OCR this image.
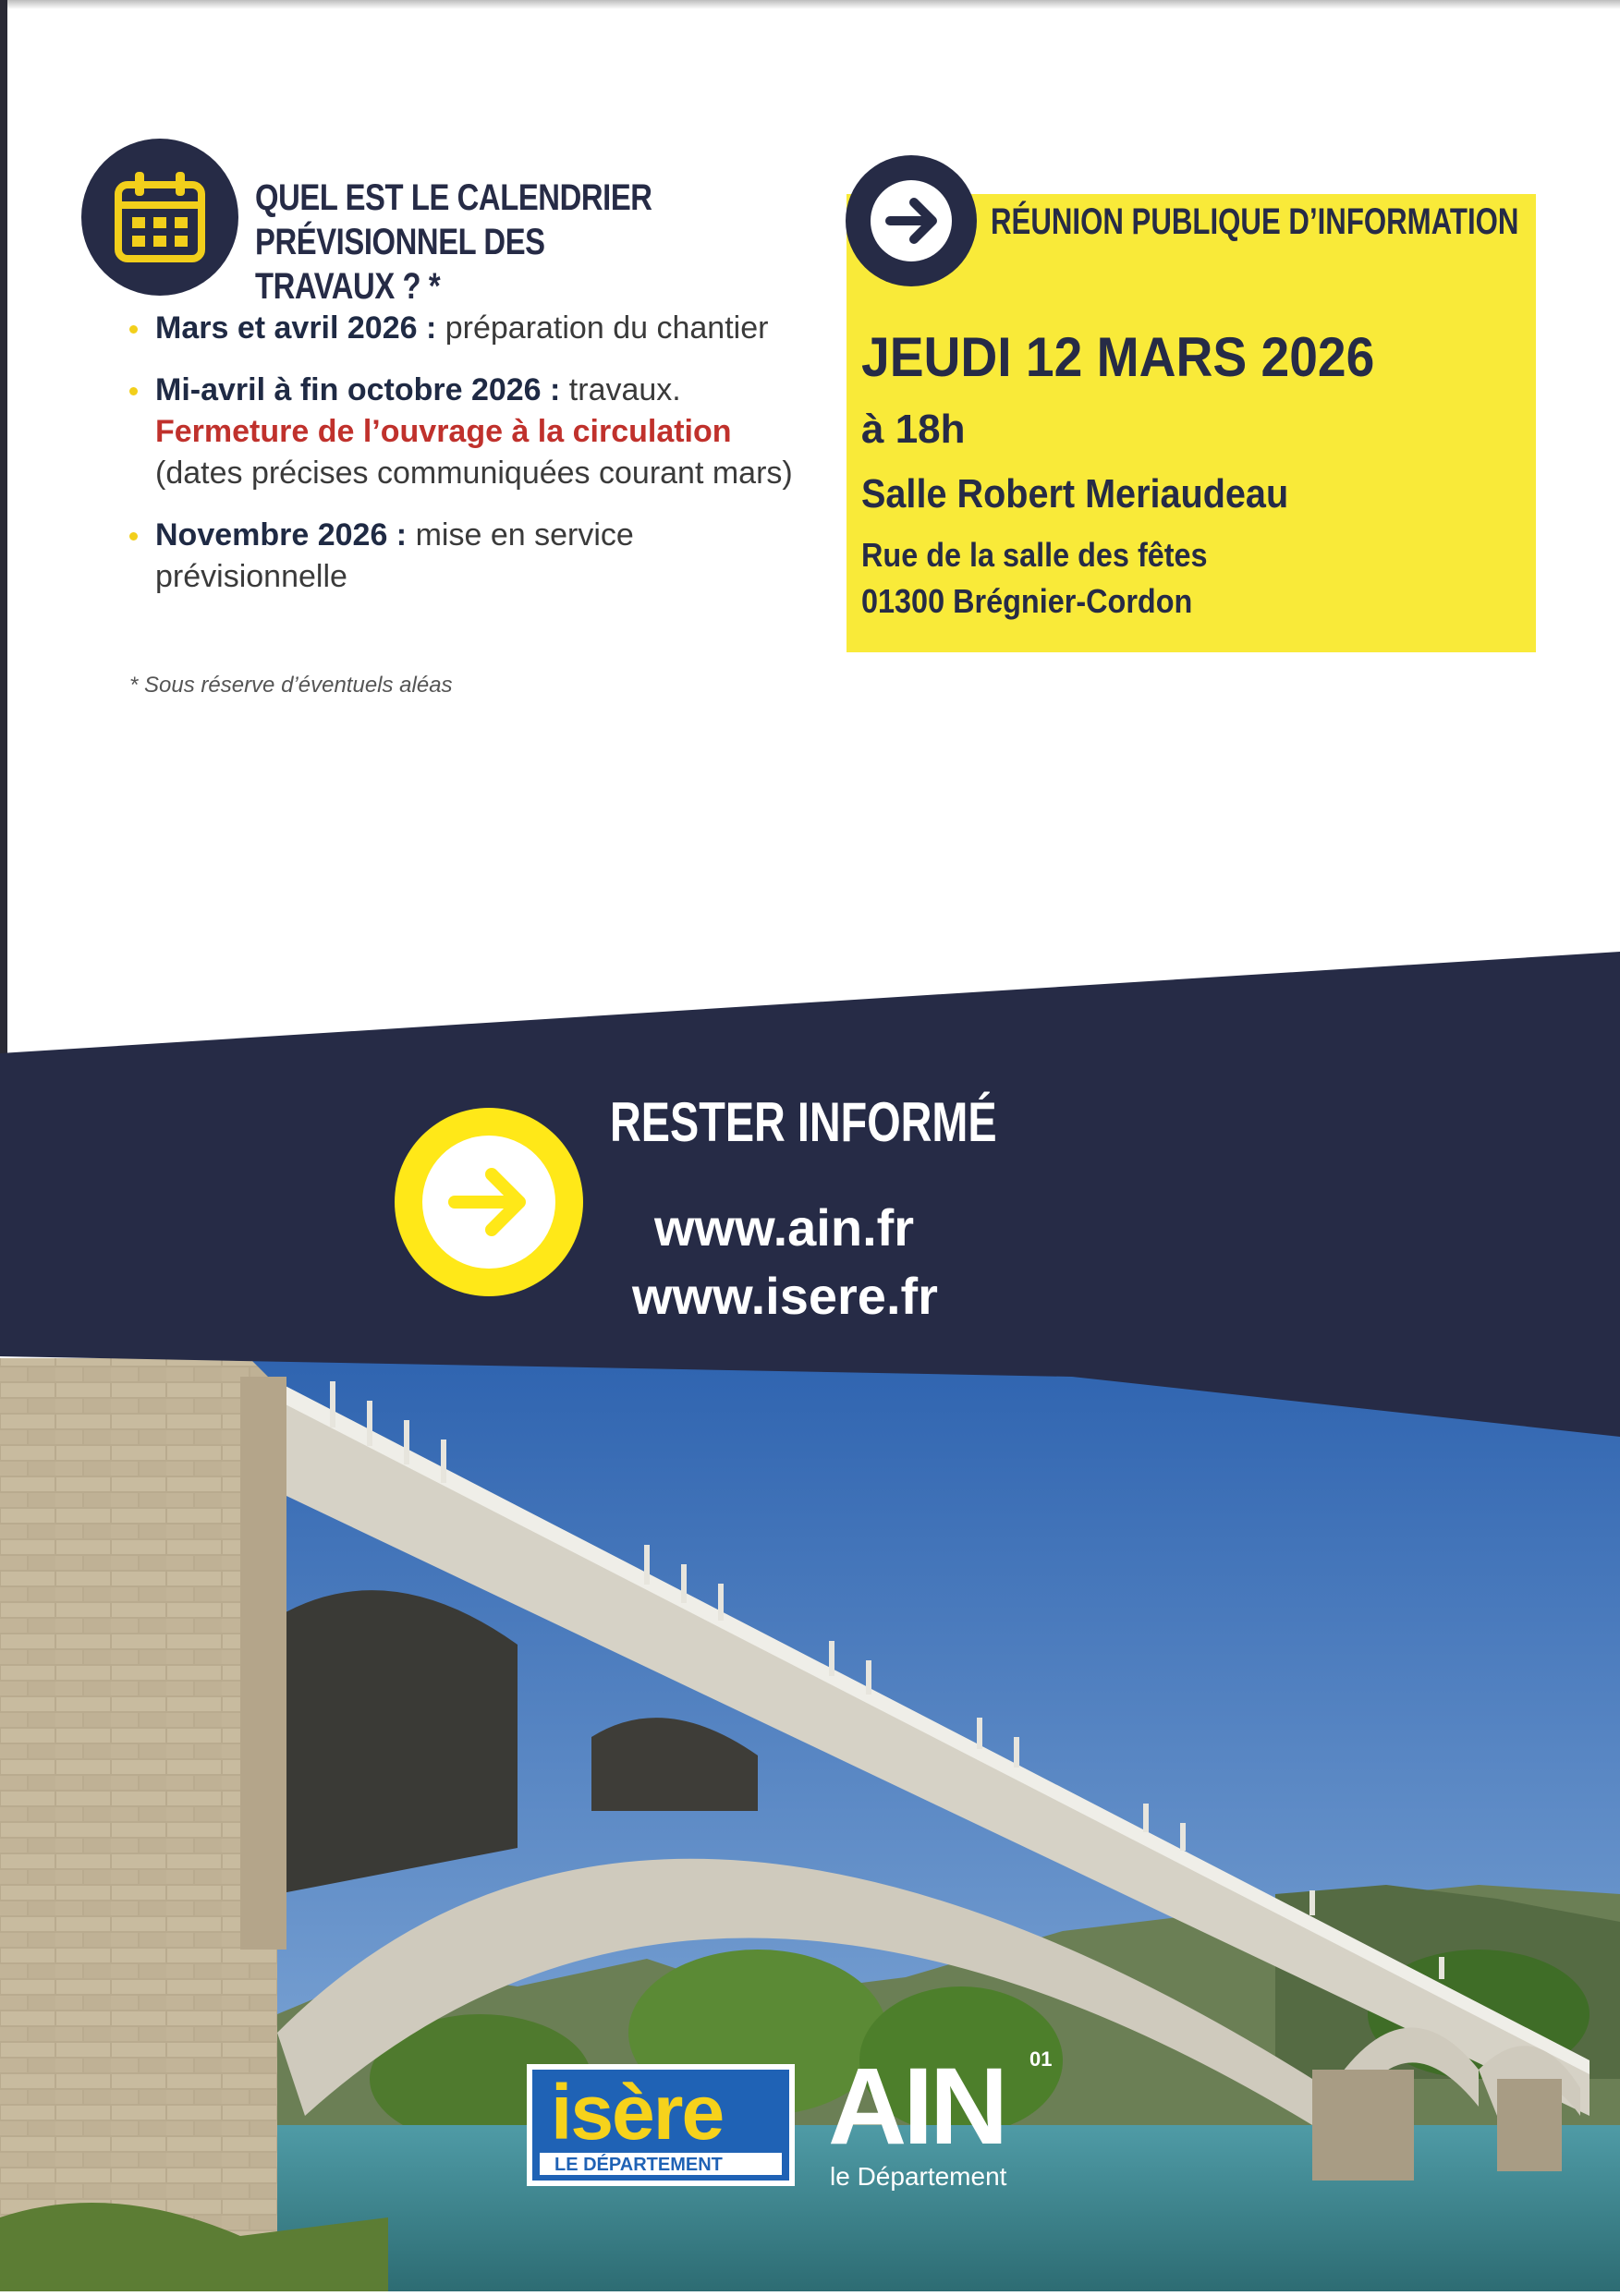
QUEL EST LE CALENDRIER
PRÉVISIONNEL DES TRAVAUX ? *
Mars et avril 2026 : préparation du chantier
Mi-avril à fin octobre 2026 : travaux.
Fermeture de l’ouvrage à la circulation
(dates précises communiquées courant mars)
Novembre 2026 : mise en service prévisionnelle
* Sous réserve d’éventuels aléas
RÉUNION PUBLIQUE D’INFORMATION
JEUDI 12 MARS 2026
à 18h
Salle Robert Meriaudeau
Rue de la salle des fêtes
01300 Brégnier-Cordon
RESTER INFORMÉ
www.ain.fr
www.isere.fr
isère
LE DÉPARTEMENT
01
AIN
le Département
